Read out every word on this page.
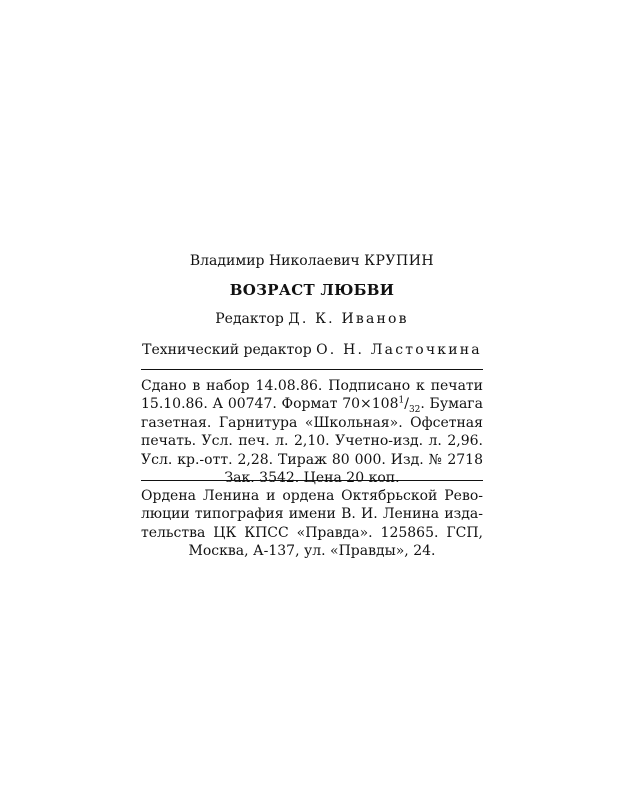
Владимир Николаевич КРУПИН
ВОЗРАСТ ЛЮБВИ
Редактор Д. К. Иванов
Технический редактор О. Н. Ласточкина
Сдано в набор 14.08.86. Подписано к печати
15.10.86. А 00747. Формат $70\times 108^1/_{32}$. Бумага
газетная. Гарнитура «Школьная». Офсетная
печать. Усл. печ. л. 2,10. Учетно-изд. л. 2,96.
Усл. кр.-отт. 2,28. Тираж 80 000. Изд. № 2718
Зак. 3542. Цена 20 коп.
Ордена Ленина и ордена Октябрьской Рево-
люции типография имени В. И. Ленина изда-
тельства ЦК КПСС «Правда». 125865. ГСП,
Москва, А-137, ул. «Правды», 24.
